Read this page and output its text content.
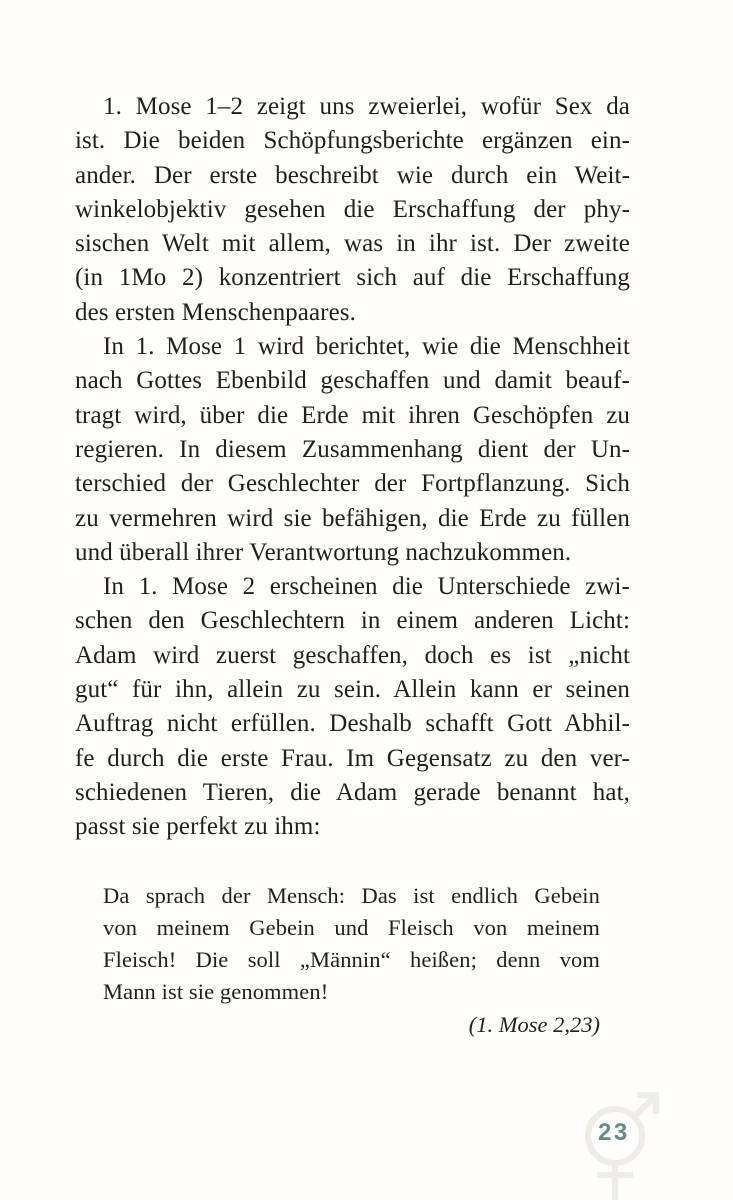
1. Mose 1–2 zeigt uns zweierlei, wofür Sex da
ist. Die beiden Schöpfungsberichte ergänzen ein-
ander. Der erste beschreibt wie durch ein Weit-
winkelobjektiv gesehen die Erschaffung der phy-
sischen Welt mit allem, was in ihr ist. Der zweite
(in 1Mo 2) konzentriert sich auf die Erschaffung
des ersten Menschenpaares.
In 1. Mose 1 wird berichtet, wie die Menschheit
nach Gottes Ebenbild geschaffen und damit beauf-
tragt wird, über die Erde mit ihren Geschöpfen zu
regieren. In diesem Zusammenhang dient der Un-
terschied der Geschlechter der Fortpflanzung. Sich
zu vermehren wird sie befähigen, die Erde zu füllen
und überall ihrer Verantwortung nachzukommen.
In 1. Mose 2 erscheinen die Unterschiede zwi-
schen den Geschlechtern in einem anderen Licht:
Adam wird zuerst geschaffen, doch es ist „nicht
gut“ für ihn, allein zu sein. Allein kann er seinen
Auftrag nicht erfüllen. Deshalb schafft Gott Abhil-
fe durch die erste Frau. Im Gegensatz zu den ver-
schiedenen Tieren, die Adam gerade benannt hat,
passt sie perfekt zu ihm:
Da sprach der Mensch: Das ist endlich Gebein
von meinem Gebein und Fleisch von meinem
Fleisch! Die soll „Männin“ heißen; denn vom
Mann ist sie genommen!
(1. Mose 2,23)
23
